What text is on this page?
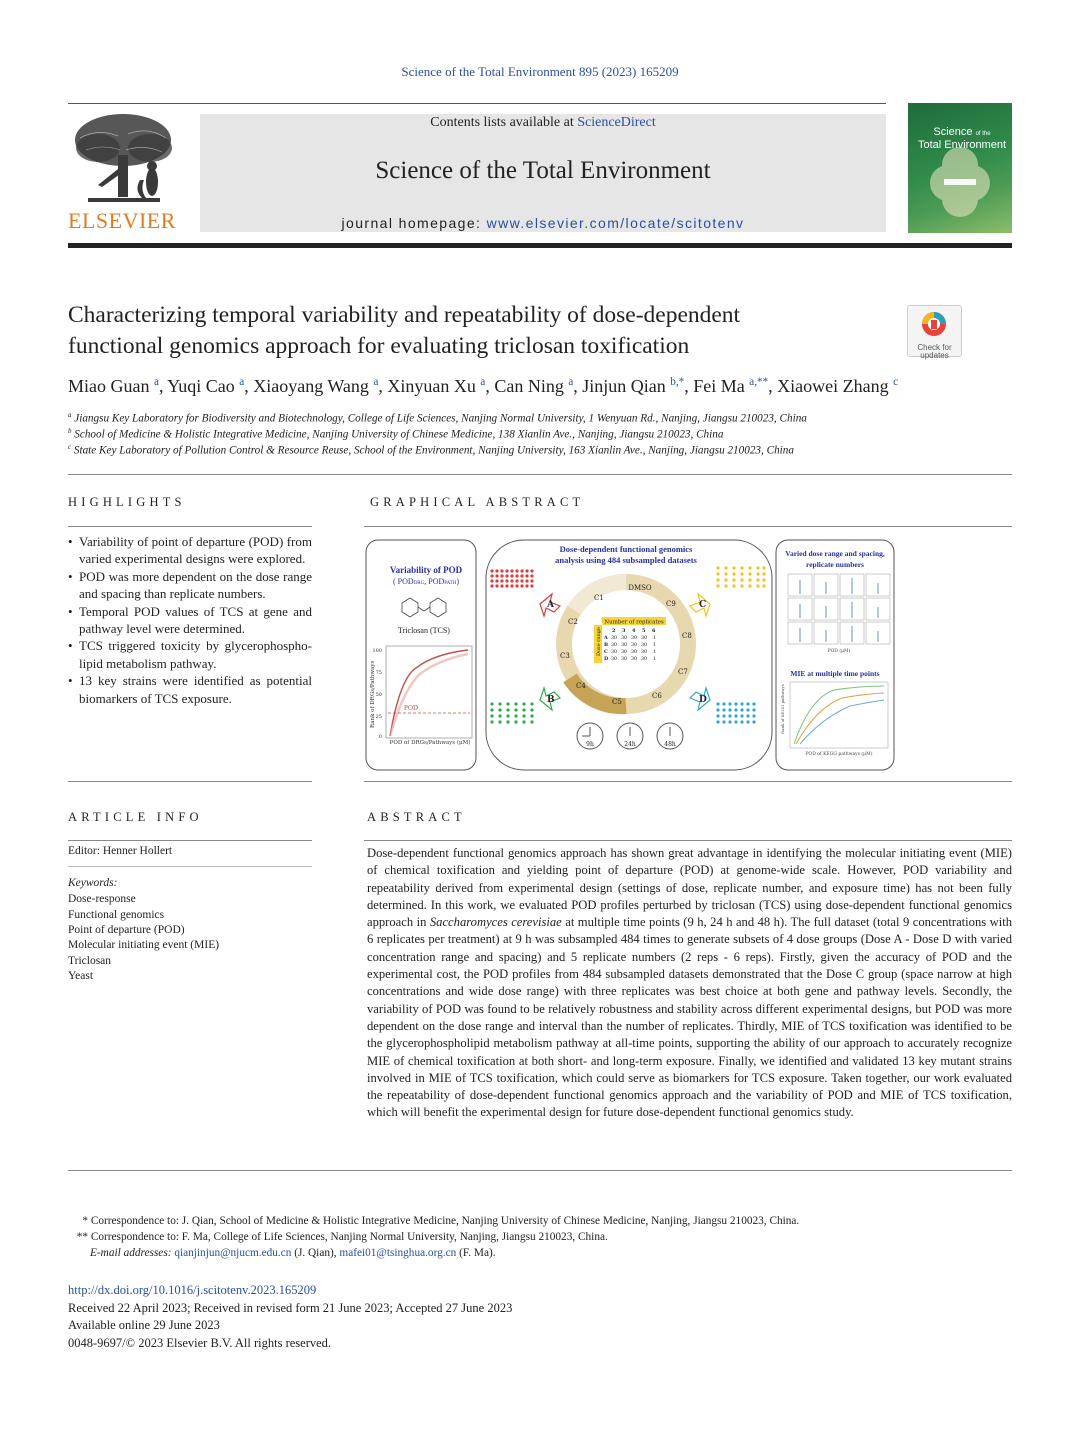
Science of the Total Environment 895 (2023) 165209
ELSEVIER
Contents lists available at ScienceDirect
Science of the Total Environment
journal homepage: www.elsevier.com/locate/scitotenv
Science of the
Total Environment
Characterizing temporal variability and repeatability of dose-dependent
functional genomics approach for evaluating triclosan toxification	Check for updates
Miao Guan $^a$, Yuqi Cao $^a$, Xiaoyang Wang $^a$, Xinyuan Xu $^a$, Can Ning $^a$, Jinjun Qian $^{b,*}$, Fei Ma $^{a,**}$, Xiaowei Zhang $^c$
$^a$ Jiangsu Key Laboratory for Biodiversity and Biotechnology, College of Life Sciences, Nanjing Normal University, 1 Wenyuan Rd., Nanjing, Jiangsu 210023, China
$^b$ School of Medicine & Holistic Integrative Medicine, Nanjing University of Chinese Medicine, 138 Xianlin Ave., Nanjing, Jiangsu 210023, China
$^c$ State Key Laboratory of Pollution Control & Resource Reuse, School of the Environment, Nanjing University, 163 Xianlin Ave., Nanjing, Jiangsu 210023, China
HIGHLIGHTS
• Variability of point of departure (POD) from varied experimental designs were explored.
• POD was more dependent on the dose range and spacing than replicate numbers.
• Temporal POD values of TCS at gene and pathway level were determined.
• TCS triggered toxicity by glycerophospho-lipid metabolism pathway.
• 13 key strains were identified as potential biomarkers of TCS exposure.
GRAPHICAL ABSTRACT
Variability of POD
( PODDRG, PODPATH)
Triclosan (TCS)
100
75
50
25
0
POD
Rank of DRGs/Pathways
POD of DRGs/Pathways (μM)
Dose-dependent functional genomics
analysis using 484 subsampled datasets
A	C
B	D
DMSO
C1
C2
C3
C4
C5
C6
C7
C8
C9
Number of replicates
Dose range 2 3 4 5 6
A 30 30 30 30 1
B 30 30 30 30 1
C 30 30 30 30 1
D 30 30 30 30 1
9h	24h	48h
Varied dose range and spacing,
replicate numbers
POD (μM)
MIE at multiple time points
Rank of KEGG pathways
POD of KEGG pathways (μM)
ARTICLE INFO
Editor: Henner Hollert
Keywords:
Dose-response
Functional genomics
Point of departure (POD)
Molecular initiating event (MIE)
Triclosan
Yeast
ABSTRACT
Dose-dependent functional genomics approach has shown great advantage in identifying the molecular initiating event (MIE) of chemical toxification and yielding point of departure (POD) at genome-wide scale. However, POD variability and repeatability derived from experimental design (settings of dose, replicate number, and exposure time) has not been fully determined. In this work, we evaluated POD profiles perturbed by triclosan (TCS) using dose-dependent functional genomics approach in Saccharomyces cerevisiae at multiple time points (9 h, 24 h and 48 h). The full dataset (total 9 concentrations with 6 replicates per treatment) at 9 h was subsampled 484 times to generate subsets of 4 dose groups (Dose A - Dose D with varied concentration range and spacing) and 5 replicate numbers (2 reps - 6 reps). Firstly, given the accuracy of POD and the experimental cost, the POD profiles from 484 subsampled datasets demonstrated that the Dose C group (space narrow at high concentrations and wide dose range) with three replicates was best choice at both gene and pathway levels. Secondly, the variability of POD was found to be relatively robustness and stability across different experimental designs, but POD was more dependent on the dose range and interval than the number of replicates. Thirdly, MIE of TCS toxification was identified to be the glycerophospholipid metabolism pathway at all-time points, supporting the ability of our approach to accurately recognize MIE of chemical toxification at both short- and long-term exposure. Finally, we identified and validated 13 key mutant strains involved in MIE of TCS toxification, which could serve as biomarkers for TCS exposure. Taken together, our work evaluated the repeatability of dose-dependent functional genomics approach and the variability of POD and MIE of TCS toxification, which will benefit the experimental design for future dose-dependent functional genomics study.
* Correspondence to: J. Qian, School of Medicine & Holistic Integrative Medicine, Nanjing University of Chinese Medicine, Nanjing, Jiangsu 210023, China.
** Correspondence to: F. Ma, College of Life Sciences, Nanjing Normal University, Nanjing, Jiangsu 210023, China.
E-mail addresses: qianjinjun@njucm.edu.cn (J. Qian), mafei01@tsinghua.org.cn (F. Ma).
http://dx.doi.org/10.1016/j.scitotenv.2023.165209
Received 22 April 2023; Received in revised form 21 June 2023; Accepted 27 June 2023
Available online 29 June 2023
0048-9697/© 2023 Elsevier B.V. All rights reserved.
